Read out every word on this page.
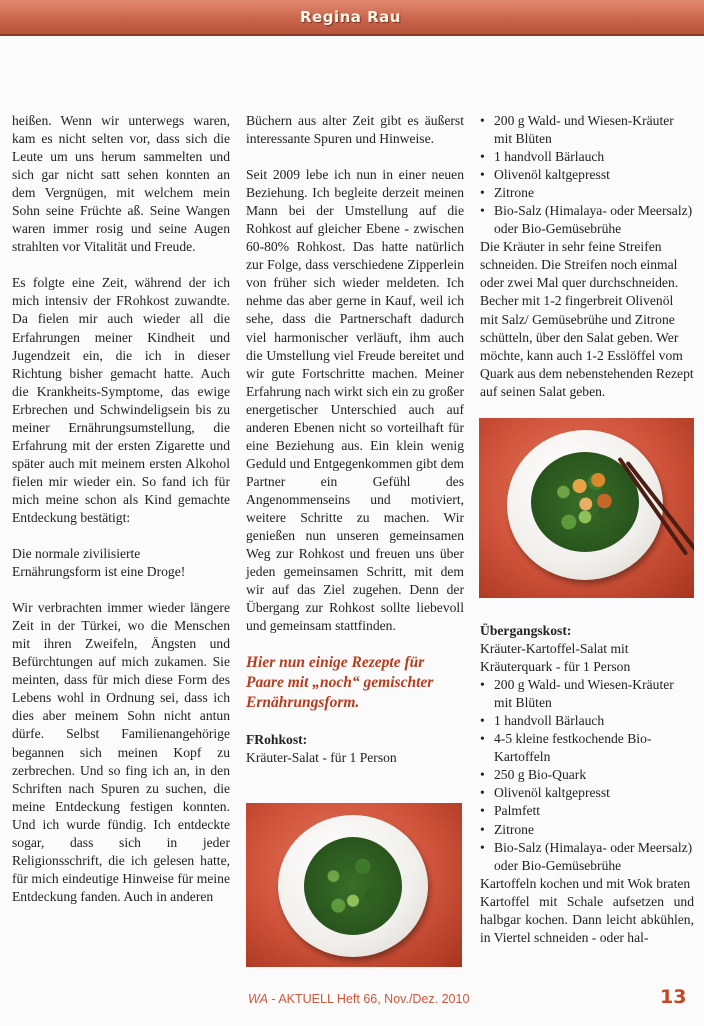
Regina Rau

heißen. Wenn wir unterwegs waren, kam es nicht selten vor, dass sich die Leute um uns herum sammelten und sich gar nicht satt sehen konnten an dem Vergnügen, mit welchem mein Sohn seine Früchte aß. Seine Wangen waren immer rosig und seine Augen strahlten vor Vitalität und Freude.

Es folgte eine Zeit, während der ich mich intensiv der FRohkost zuwandte. Da fielen mir auch wieder all die Erfahrungen meiner Kindheit und Jugendzeit ein, die ich in dieser Richtung bisher gemacht hatte. Auch die Krankheits-Symptome, das ewige Erbrechen und Schwindeligsein bis zu meiner Ernährungsumstellung, die Erfahrung mit der ersten Zigarette und später auch mit meinem ersten Alkohol fielen mir wieder ein. So fand ich für mich meine schon als Kind gemachte Entdeckung bestätigt:

Die normale zivilisierte Ernährungsform ist eine Droge!

Wir verbrachten immer wieder längere Zeit in der Türkei, wo die Menschen mit ihren Zweifeln, Ängsten und Befürchtungen auf mich zukamen. Sie meinten, dass für mich diese Form des Lebens wohl in Ordnung sei, dass ich dies aber meinem Sohn nicht antun dürfe. Selbst Familienangehörige begannen sich meinen Kopf zu zerbrechen. Und so fing ich an, in den Schriften nach Spuren zu suchen, die meine Entdeckung festigen konnten. Und ich wurde fündig. Ich entdeckte sogar, dass sich in jeder Religionsschrift, die ich gelesen hatte, für mich eindeutige Hinweise für meine Entdeckung fanden. Auch in anderen

Büchern aus alter Zeit gibt es äußerst interessante Spuren und Hinweise.

Seit 2009 lebe ich nun in einer neuen Beziehung. Ich begleite derzeit meinen Mann bei der Umstellung auf die Rohkost auf gleicher Ebene - zwischen 60-80% Rohkost. Das hatte natürlich zur Folge, dass verschiedene Zipperlein von früher sich wieder meldeten. Ich nehme das aber gerne in Kauf, weil ich sehe, dass die Partnerschaft dadurch viel harmonischer verläuft, ihm auch die Umstellung viel Freude bereitet und wir gute Fortschritte machen. Meiner Erfahrung nach wirkt sich ein zu großer energetischer Unterschied auch auf anderen Ebenen nicht so vorteilhaft für eine Beziehung aus. Ein klein wenig Geduld und Entgegenkommen gibt dem Partner ein Gefühl des Angenommenseins und motiviert, weitere Schritte zu machen. Wir genießen nun unseren gemeinsamen Weg zur Rohkost und freuen uns über jeden gemeinsamen Schritt, mit dem wir auf das Ziel zugehen. Denn der Übergang zur Rohkost sollte liebevoll und gemeinsam stattfinden.

Hier nun einige Rezepte für Paare mit „noch“ gemischter Ernährungsform.
FRohkost:
Kräuter-Salat - für 1 Person
• 200 g Wald- und Wiesen-Kräuter mit Blüten
• 1 handvoll Bärlauch
• Olivenöl kaltgepresst
• Zitrone
• Bio-Salz (Himalaya- oder Meersalz) oder Bio-Gemüsebrühe
Die Kräuter in sehr feine Streifen schneiden. Die Streifen noch einmal oder zwei Mal quer durchschneiden. Becher mit 1-2 fingerbreit Olivenöl mit Salz/ Gemüsebrühe und Zitrone schütteln, über den Salat geben. Wer möchte, kann auch 1-2 Esslöffel vom Quark aus dem nebenstehenden Rezept auf seinen Salat geben.
Übergangskost:
Kräuter-Kartoffel-Salat mit Kräuterquark - für 1 Person
• 200 g Wald- und Wiesen-Kräuter mit Blüten
• 1 handvoll Bärlauch
• 4-5 kleine festkochende Bio-Kartoffeln
• 250 g Bio-Quark
• Olivenöl kaltgepresst
• Palmfett
• Zitrone
• Bio-Salz (Himalaya- oder Meersalz) oder Bio-Gemüsebrühe
Kartoffeln kochen und mit Wok braten
Kartoffel mit Schale aufsetzen und halbgar kochen. Dann leicht abkühlen, in Viertel schneiden - oder hal-
WA - AKTUELL Heft 66, Nov./Dez. 2010	13
